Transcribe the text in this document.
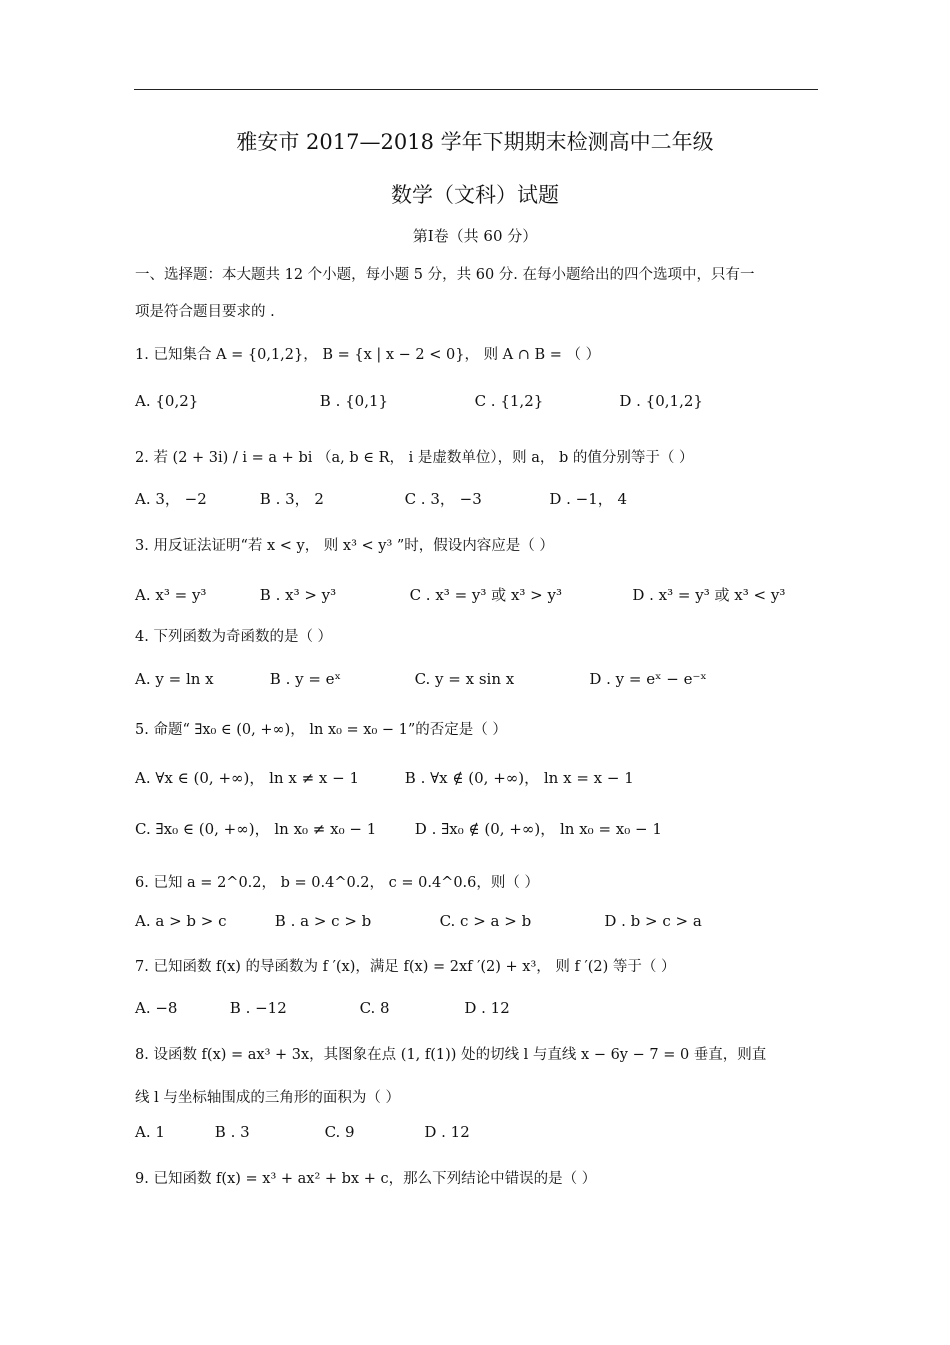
雅安市 2017—2018 学年下期期末检测高中二年级
数学（文科）试题
第Ⅰ卷（共 60 分）
一、选择题：本大题共 12 个小题，每小题 5 分，共 60 分. 在每小题给出的四个选项中，只有一
项是符合题目要求的 .
1. 已知集合 A = {0,1,2}， B = {x | x − 2 < 0}， 则 A ∩ B = （ ）
A. {0,2}	B . {0,1}	C . {1,2}	D . {0,1,2}
2. 若 (2 + 3i) / i = a + bi （a, b ∈ R， i 是虚数单位），则 a， b 的值分别等于（ ）
A. 3， −2	B . 3， 2	C . 3， −3	D . −1， 4
3. 用反证法证明“若 x < y， 则 x³ < y³ ”时，假设内容应是（ ）
A. x³ = y³	B . x³ > y³	C . x³ = y³ 或 x³ > y³	D . x³ = y³ 或 x³ < y³
4. 下列函数为奇函数的是（ ）
A. y = ln x	B . y = eˣ	C. y = x sin x	D . y = eˣ − e⁻ˣ
5. 命题“ ∃x₀ ∈ (0, +∞)， ln x₀ = x₀ − 1”的否定是（ ）
A. ∀x ∈ (0, +∞)， ln x ≠ x − 1	B . ∀x ∉ (0, +∞)， ln x = x − 1
C. ∃x₀ ∈ (0, +∞)， ln x₀ ≠ x₀ − 1	D . ∃x₀ ∉ (0, +∞)， ln x₀ = x₀ − 1
6. 已知 a = 2^0.2， b = 0.4^0.2， c = 0.4^0.6，则（ ）
A. a > b > c	B . a > c > b	C. c > a > b	D . b > c > a
7. 已知函数 f(x) 的导函数为 f ′(x)，满足 f(x) = 2xf ′(2) + x³， 则 f ′(2) 等于（ ）
A. −8	B . −12	C. 8	D . 12
8. 设函数 f(x) = ax³ + 3x，其图象在点 (1, f(1)) 处的切线 l 与直线 x − 6y − 7 = 0 垂直，则直
线 l 与坐标轴围成的三角形的面积为（ ）
A. 1	B . 3	C. 9	D . 12
9. 已知函数 f(x) = x³ + ax² + bx + c，那么下列结论中错误的是（ ）
